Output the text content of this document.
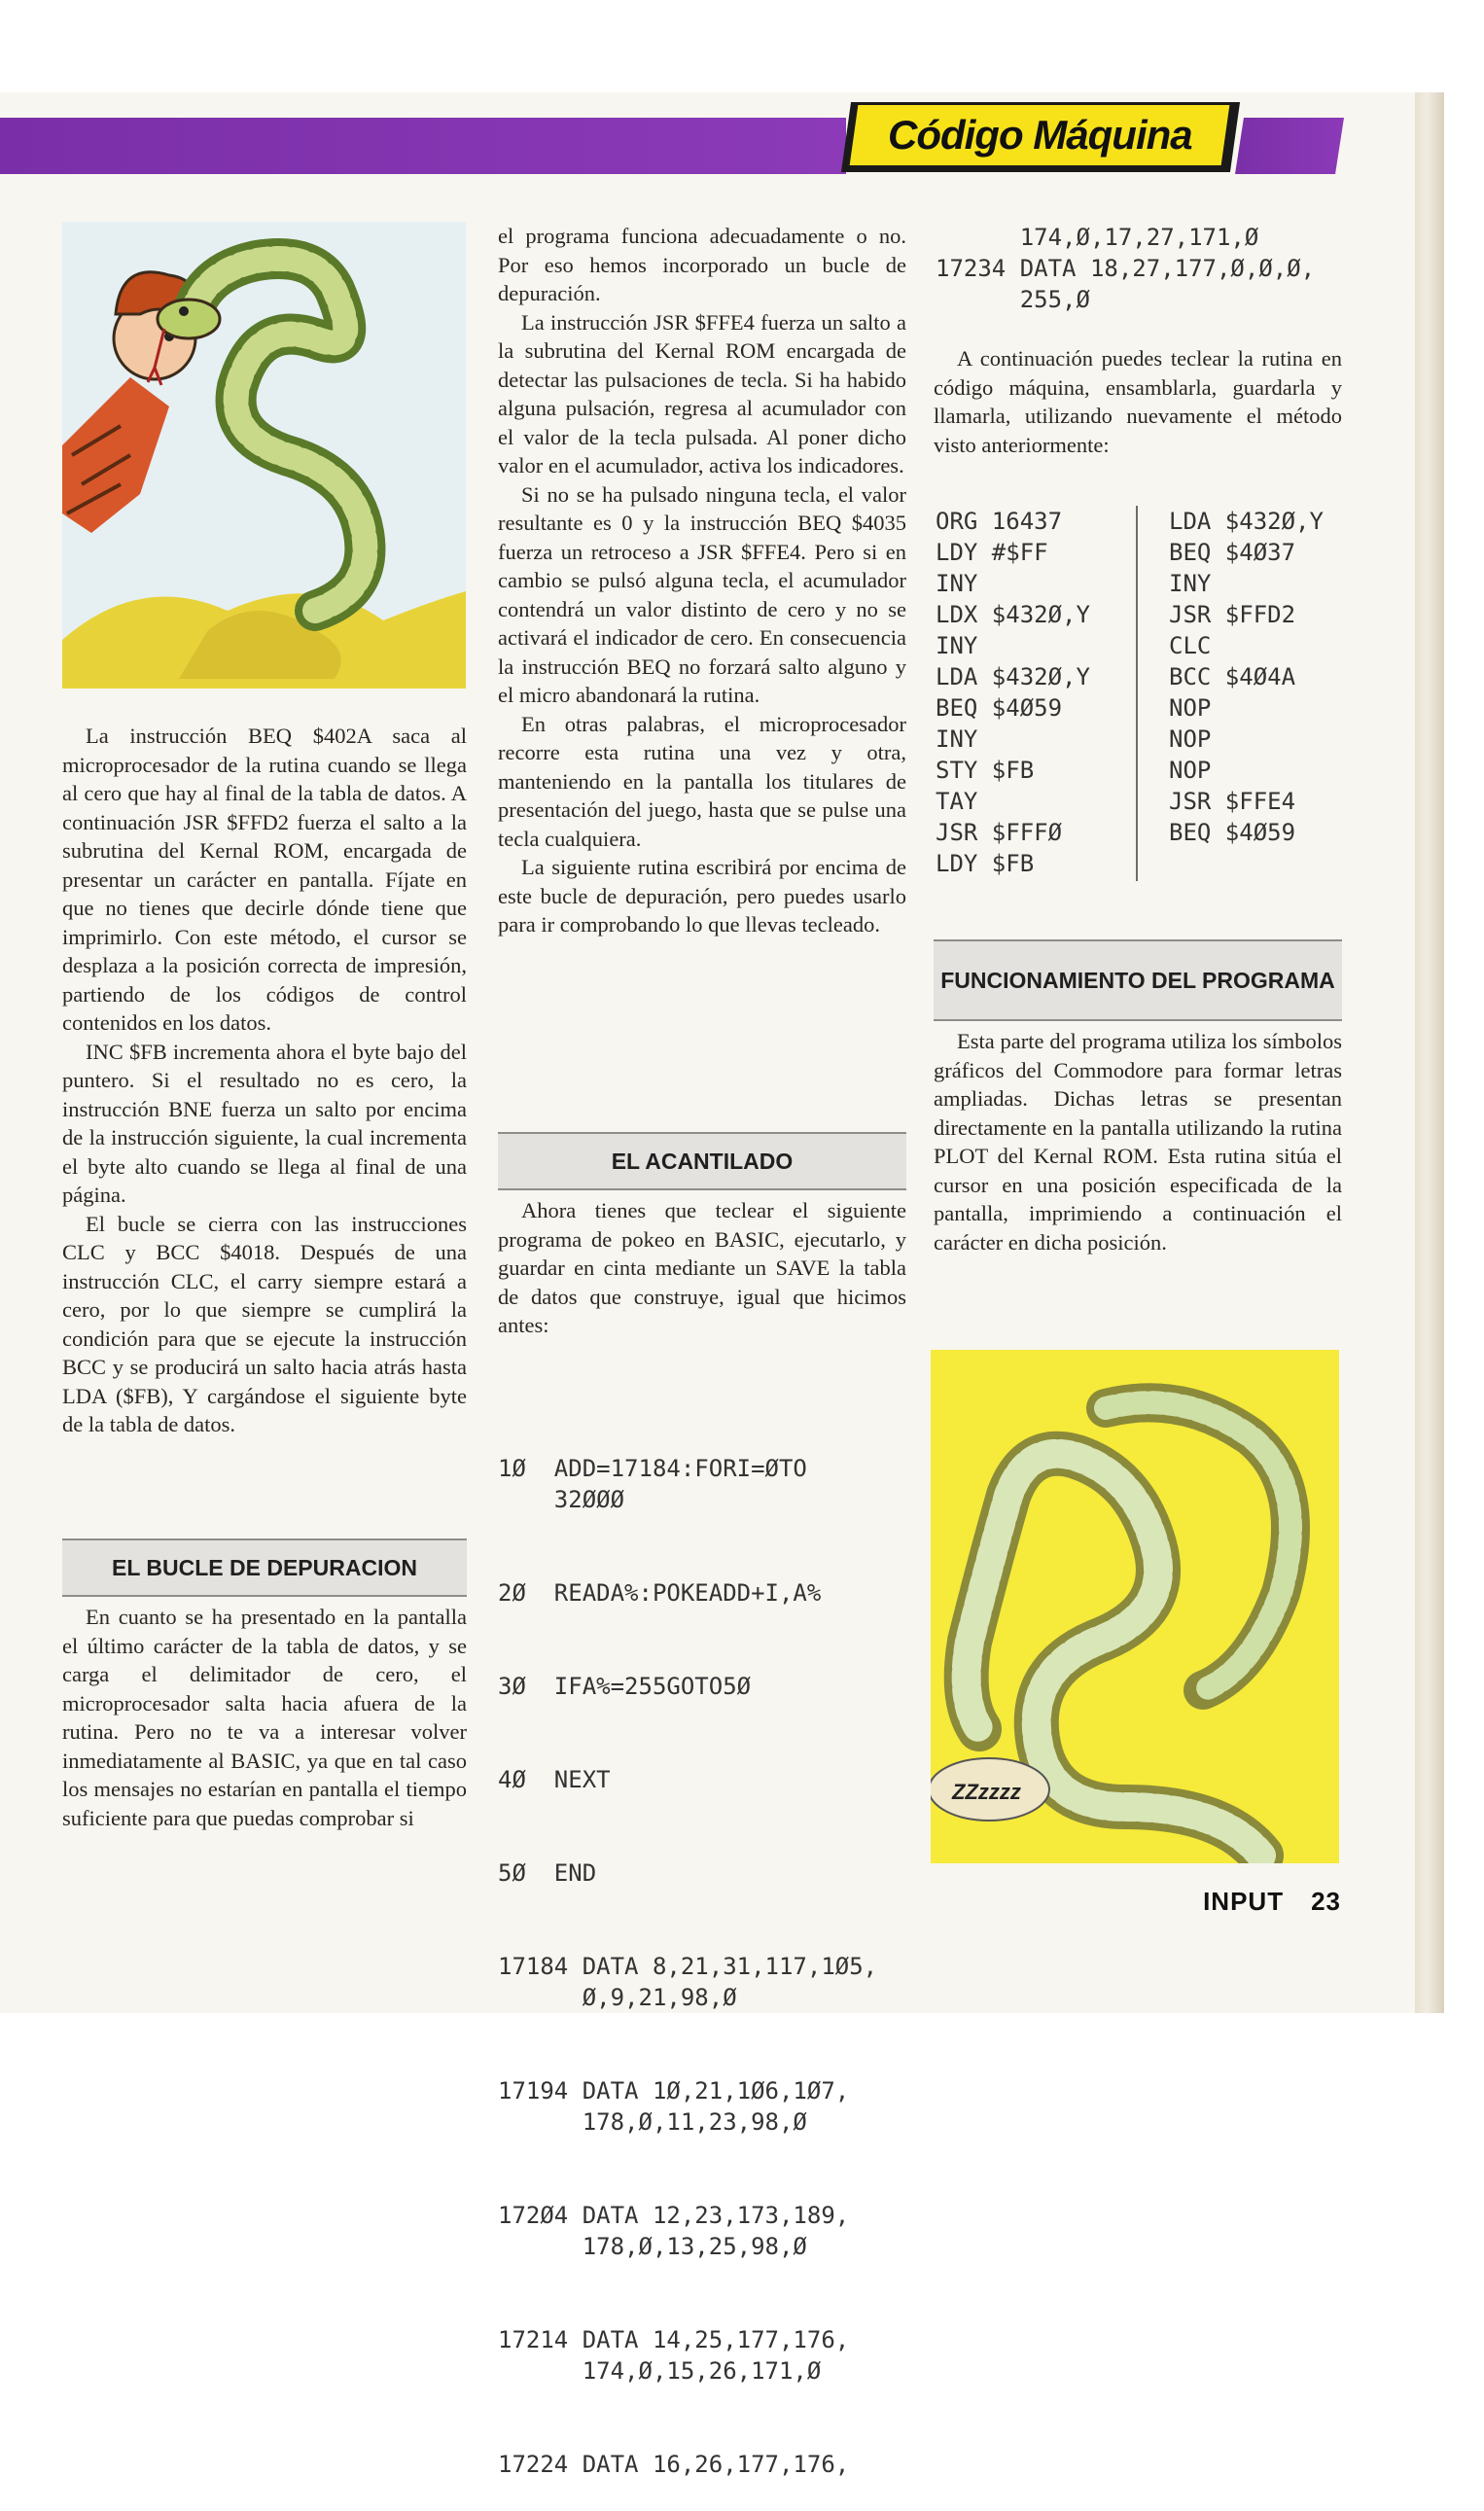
Código Máquina

La instrucción BEQ $402A saca al microprocesador de la rutina cuando se llega al cero que hay al final de la tabla de datos. A continuación JSR $FFD2 fuerza el salto a la subrutina del Kernal ROM, encargada de presentar un carácter en pantalla. Fíjate en que no tienes que decirle dónde tiene que imprimirlo. Con este método, el cursor se desplaza a la posición correcta de impresión, partiendo de los códigos de control contenidos en los datos.

INC $FB incrementa ahora el byte bajo del puntero. Si el resultado no es cero, la instrucción BNE fuerza un salto por encima de la instrucción siguiente, la cual incrementa el byte alto cuando se llega al final de una página.

El bucle se cierra con las instrucciones CLC y BCC $4018. Después de una instrucción CLC, el carry siempre estará a cero, por lo que siempre se cumplirá la condición para que se ejecute la instrucción BCC y se producirá un salto hacia atrás hasta LDA ($FB), Y cargándose el siguiente byte de la tabla de datos.

EL BUCLE DE DEPURACION

En cuanto se ha presentado en la pantalla el último carácter de la tabla de datos, y se carga el delimitador de cero, el microprocesador salta hacia afuera de la rutina. Pero no te va a interesar volver inmediatamente al BASIC, ya que en tal caso los mensajes no estarían en pantalla el tiempo suficiente para que puedas comprobar si

el programa funciona adecuadamente o no. Por eso hemos incorporado un bucle de depuración.

La instrucción JSR $FFE4 fuerza un salto a la subrutina del Kernal ROM encargada de detectar las pulsaciones de tecla. Si ha habido alguna pulsación, regresa al acumulador con el valor de la tecla pulsada. Al poner dicho valor en el acumulador, activa los indicadores.

Si no se ha pulsado ninguna tecla, el valor resultante es 0 y la instrucción BEQ $4035 fuerza un retroceso a JSR $FFE4. Pero si en cambio se pulsó alguna tecla, el acumulador contendrá un valor distinto de cero y no se activará el indicador de cero. En consecuencia la instrucción BEQ no forzará salto alguno y el micro abandonará la rutina.

En otras palabras, el microprocesador recorre esta rutina una vez y otra, manteniendo en la pantalla los titulares de presentación del juego, hasta que se pulse una tecla cualquiera.

La siguiente rutina escribirá por encima de este bucle de depuración, pero puedes usarlo para ir comprobando lo que llevas tecleado.

EL ACANTILADO

Ahora tienes que teclear el siguiente programa de pokeo en BASIC, ejecutarlo, y guardar en cinta mediante un SAVE la tabla de datos que construye, igual que hicimos antes:

1Ø  ADD=17184:FORI=ØTO
32ØØØ

2Ø  READA%:POKEADD+I,A%

3Ø  IFA%=255GOTO5Ø

4Ø  NEXT

5Ø  END

17184 DATA 8,21,31,117,1Ø5,
Ø,9,21,98,Ø

17194 DATA 1Ø,21,1Ø6,1Ø7,
178,Ø,11,23,98,Ø

172Ø4 DATA 12,23,173,189,
178,Ø,13,25,98,Ø

17214 DATA 14,25,177,176,
174,Ø,15,26,171,Ø

17224 DATA 16,26,177,176,

174,Ø,17,27,171,Ø
17234 DATA 18,27,177,Ø,Ø,Ø,
255,Ø

A continuación puedes teclear la rutina en código máquina, ensamblarla, guardarla y llamarla, utilizando nuevamente el método visto anteriormente:

ORG 16437
LDY #$FF
INY
LDX $432Ø,Y
INY
LDA $432Ø,Y
BEQ $4Ø59
INY
STY $FB
TAY
JSR $FFFØ
LDY $FB
LDA $432Ø,Y
BEQ $4Ø37
INY
JSR $FFD2
CLC
BCC $4Ø4A
NOP
NOP
NOP
JSR $FFE4
BEQ $4Ø59
FUNCIONAMIENTO DEL PROGRAMA

Esta parte del programa utiliza los símbolos gráficos del Commodore para formar letras ampliadas. Dichas letras se presentan directamente en la pantalla utilizando la rutina PLOT del Kernal ROM. Esta rutina sitúa el cursor en una posición especificada de la pantalla, imprimiendo a continuación el carácter en dicha posición.

ZZzzzz
INPUT 23
